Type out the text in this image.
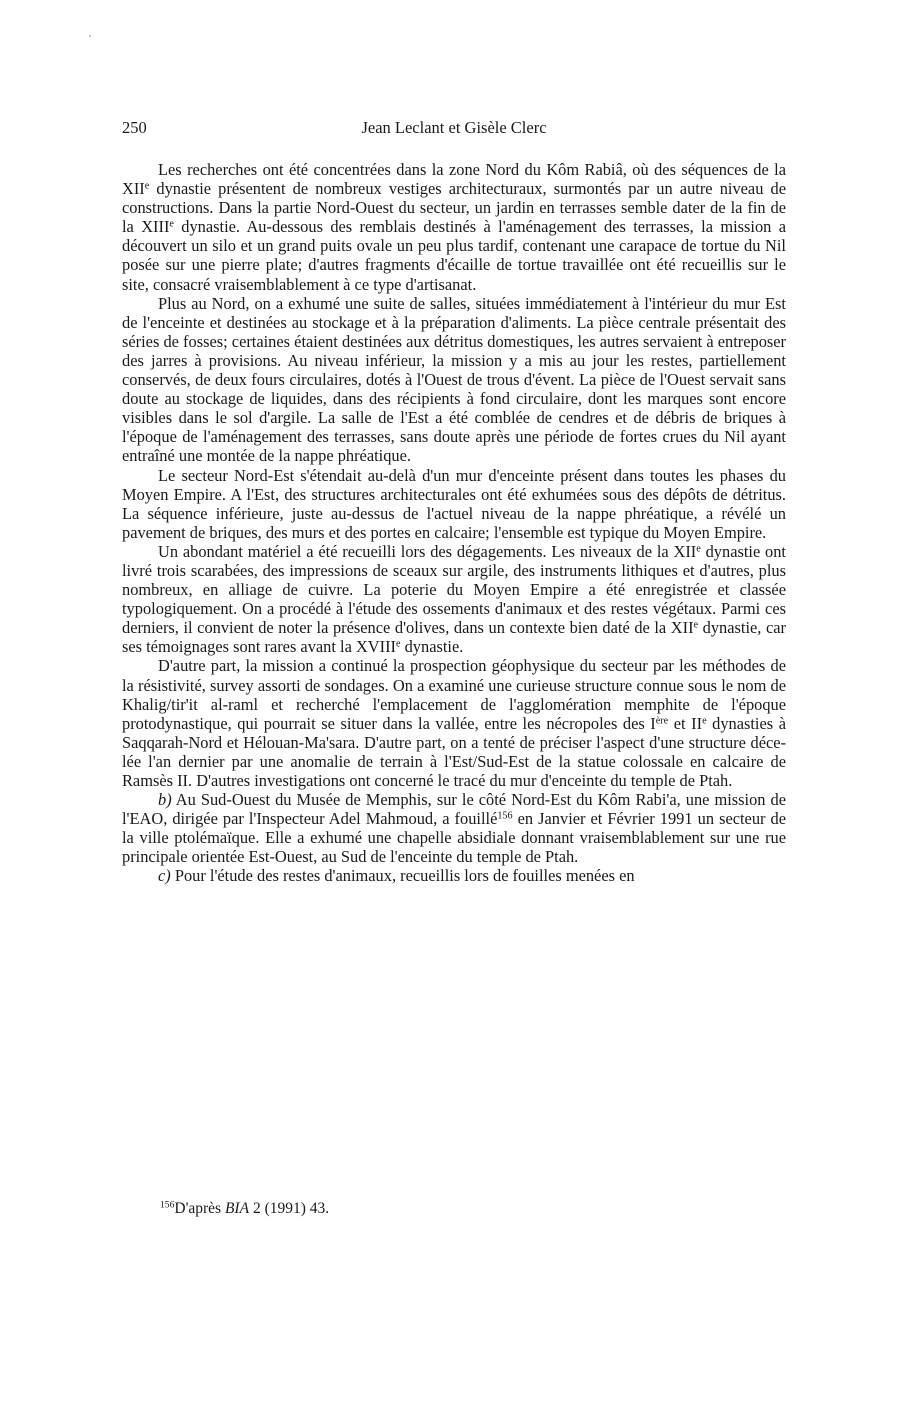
250	Jean Leclant et Gisèle Clerc

Les recherches ont été concentrées dans la zone Nord du Kôm Rabiâ, où des séquences de la XIIe dynastie présentent de nombreux vestiges architecturaux, surmontés par un autre niveau de constructions. Dans la partie Nord-Ouest du secteur, un jardin en terrasses semble dater de la fin de la XIIIe dynastie. Au-dessous des remblais destinés à l'aménagement des terrasses, la mission a découvert un silo et un grand puits ovale un peu plus tardif, contenant une carapace de tortue du Nil posée sur une pierre plate; d'autres fragments d'écaille de tortue travaillée ont été recueillis sur le site, consacré vraisemblablement à ce type d'artisanat.

Plus au Nord, on a exhumé une suite de salles, situées immédiatement à l'intérieur du mur Est de l'enceinte et destinées au stockage et à la préparation d'aliments. La pièce centrale présentait des séries de fosses; certaines étaient destinées aux détritus domestiques, les autres servaient à entreposer des jarres à provisions. Au niveau inférieur, la mission y a mis au jour les restes, partiellement conservés, de deux fours circulaires, dotés à l'Ouest de trous d'évent. La pièce de l'Ouest servait sans doute au stockage de liquides, dans des récipients à fond circulaire, dont les marques sont encore visibles dans le sol d'argile. La salle de l'Est a été comblée de cendres et de débris de briques à l'époque de l'aménagement des terrasses, sans doute après une période de fortes crues du Nil ayant entraîné une montée de la nappe phréatique.

Le secteur Nord-Est s'étendait au-delà d'un mur d'enceinte présent dans toutes les phases du Moyen Empire. A l'Est, des structures architecturales ont été exhumées sous des dépôts de détritus. La séquence inférieure, juste au-dessus de l'actuel niveau de la nappe phréatique, a révélé un pavement de briques, des murs et des portes en calcaire; l'ensemble est typique du Moyen Empire.

Un abondant matériel a été recueilli lors des dégagements. Les niveaux de la XIIe dynastie ont livré trois scarabées, des impressions de sceaux sur argile, des instruments lithiques et d'autres, plus nombreux, en alliage de cuivre. La poterie du Moyen Empire a été enregistrée et classée typologiquement. On a procédé à l'étude des ossements d'animaux et des restes végétaux. Parmi ces derniers, il convient de noter la présence d'olives, dans un contexte bien daté de la XIIe dynastie, car ses témoignages sont rares avant la XVIIIe dynastie.

D'autre part, la mission a continué la prospection géophysique du secteur par les méthodes de la résistivité, survey assorti de sondages. On a examiné une curieuse structure connue sous le nom de Khalig/tir'it al-raml et recherché l'emplacement de l'agglomération memphite de l'époque protodynastique, qui pourrait se situer dans la vallée, entre les nécropoles des Ière et IIe dynasties à Saqqarah-Nord et Hélouan-Ma'sara. D'autre part, on a tenté de préciser l'aspect d'une structure décеlée l'an dernier par une anomalie de terrain à l'Est/Sud-Est de la statue colossale en calcaire de Ramsès II. D'autres investigations ont concerné le tracé du mur d'enceinte du temple de Ptah.

b) Au Sud-Ouest du Musée de Memphis, sur le côté Nord-Est du Kôm Rabi'a, une mission de l'EAO, dirigée par l'Inspecteur Adel Mahmoud, a fouillé$^{156}$ en Janvier et Février 1991 un secteur de la ville ptolémaïque. Elle a exhumé une chapelle absidiale donnant vraisemblablement sur une rue principale orientée Est-Ouest, au Sud de l'enceinte du temple de Ptah.

c) Pour l'étude des restes d'animaux, recueillis lors de fouilles menées en

$^{156}$D'après BIA 2 (1991) 43.
